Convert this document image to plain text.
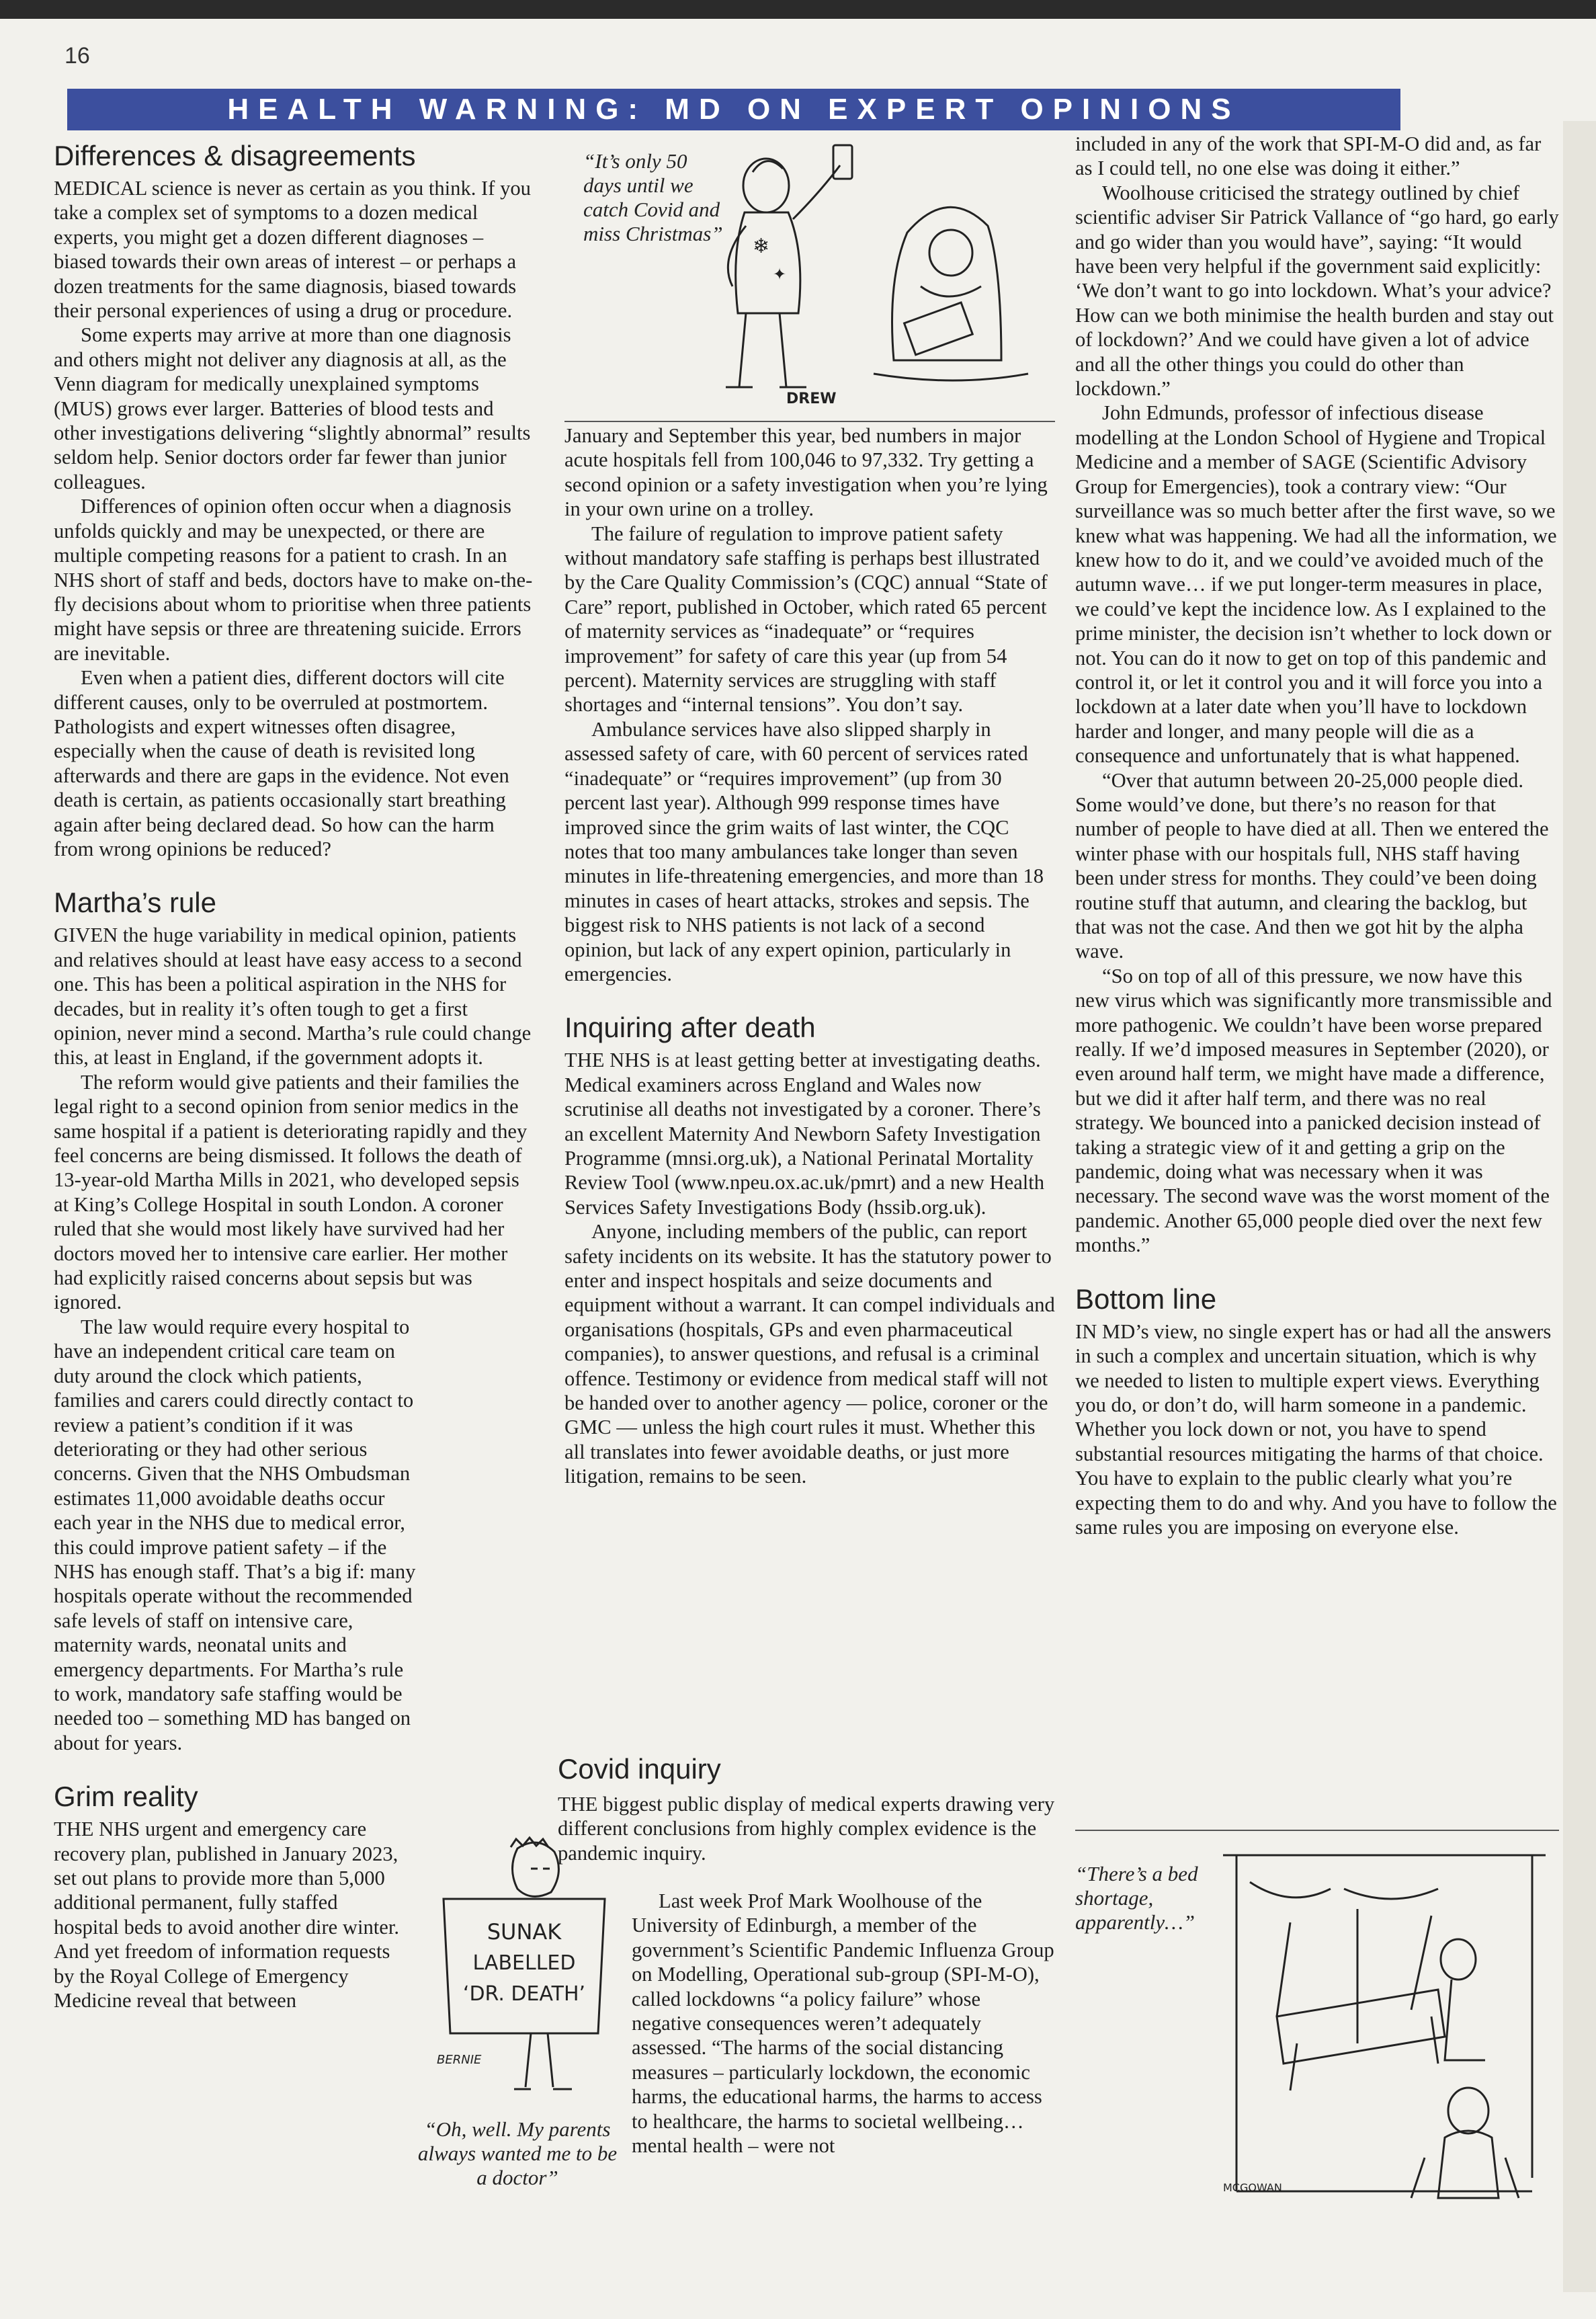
16
HEALTH WARNING: MD ON EXPERT OPINIONS
Differences & disagreements

MEDICAL science is never as certain as you think. If you take a complex set of symptoms to a dozen medical experts, you might get a dozen different diagnoses – biased towards their own areas of interest – or perhaps a dozen treatments for the same diagnosis, biased towards their personal experiences of using a drug or procedure.

Some experts may arrive at more than one diagnosis and others might not deliver any diagnosis at all, as the Venn diagram for medically unexplained symptoms (MUS) grows ever larger. Batteries of blood tests and other investigations delivering “slightly abnormal” results seldom help. Senior doctors order far fewer than junior colleagues.

Differences of opinion often occur when a diagnosis unfolds quickly and may be unexpected, or there are multiple competing reasons for a patient to crash. In an NHS short of staff and beds, doctors have to make on-the-fly decisions about whom to prioritise when three patients might have sepsis or three are threatening suicide. Errors are inevitable.

Even when a patient dies, different doctors will cite different causes, only to be overruled at postmortem. Pathologists and expert witnesses often disagree, especially when the cause of death is revisited long afterwards and there are gaps in the evidence. Not even death is certain, as patients occasionally start breathing again after being declared dead. So how can the harm from wrong opinions be reduced?

Martha’s rule

GIVEN the huge variability in medical opinion, patients and relatives should at least have easy access to a second one. This has been a political aspiration in the NHS for decades, but in reality it’s often tough to get a first opinion, never mind a second. Martha’s rule could change this, at least in England, if the government adopts it.

The reform would give patients and their families the legal right to a second opinion from senior medics in the same hospital if a patient is deteriorating rapidly and they feel concerns are being dismissed. It follows the death of 13-year-old Martha Mills in 2021, who developed sepsis at King’s College Hospital in south London. A coroner ruled that she would most likely have survived had her doctors moved her to intensive care earlier. Her mother had explicitly raised concerns about sepsis but was ignored.

The law would require every hospital to have an independent critical care team on duty around the clock which patients, families and carers could directly contact to review a patient’s condition if it was deteriorating or they had other serious concerns. Given that the NHS Ombudsman estimates 11,000 avoidable deaths occur each year in the NHS due to medical error, this could improve patient safety – if the NHS has enough staff. That’s a big if: many hospitals operate without the recommended safe levels of staff on intensive care, maternity wards, neonatal units and emergency departments. For Martha’s rule to work, mandatory safe staffing would be needed too – something MD has banged on about for years.

Grim reality

THE NHS urgent and emergency care recovery plan, published in January 2023, set out plans to provide more than 5,000 additional permanent, fully staffed hospital beds to avoid another dire winter. And yet freedom of information requests by the Royal College of Emergency Medicine reveal that between

“It’s only 50 days until we catch Covid and miss Christmas”
❄
✦
DREW

January and September this year, bed numbers in major acute hospitals fell from 100,046 to 97,332. Try getting a second opinion or a safety investigation when you’re lying in your own urine on a trolley.

The failure of regulation to improve patient safety without mandatory safe staffing is perhaps best illustrated by the Care Quality Commission’s (CQC) annual “State of Care” report, published in October, which rated 65 percent of maternity services as “inadequate” or “requires improvement” for safety of care this year (up from 54 percent). Maternity services are struggling with staff shortages and “internal tensions”. You don’t say.

Ambulance services have also slipped sharply in assessed safety of care, with 60 percent of services rated “inadequate” or “requires improvement” (up from 30 percent last year). Although 999 response times have improved since the grim waits of last winter, the CQC notes that too many ambulances take longer than seven minutes in life-threatening emergencies, and more than 18 minutes in cases of heart attacks, strokes and sepsis. The biggest risk to NHS patients is not lack of a second opinion, but lack of any expert opinion, particularly in emergencies.

Inquiring after death

THE NHS is at least getting better at investigating deaths. Medical examiners across England and Wales now scrutinise all deaths not investigated by a coroner. There’s an excellent Maternity And Newborn Safety Investigation Programme (mnsi.org.uk), a National Perinatal Mortality Review Tool (www.npeu.ox.ac.uk/pmrt) and a new Health Services Safety Investigations Body (hssib.org.uk).

Anyone, including members of the public, can report safety incidents on its website. It has the statutory power to enter and inspect hospitals and seize documents and equipment without a warrant. It can compel individuals and organisations (hospitals, GPs and even pharmaceutical companies), to answer questions, and refusal is a criminal offence. Testimony or evidence from medical staff will not be handed over to another agency — police, coroner or the GMC — unless the high court rules it must. Whether this all translates into fewer avoidable deaths, or just more litigation, remains to be seen.

Covid inquiry

THE biggest public display of medical experts drawing very different conclusions from highly complex evidence is the pandemic inquiry.

Last week Prof Mark Woolhouse of the University of Edinburgh, a member of the government’s Scientific Pandemic Influenza Group on Modelling, Operational sub-group (SPI-M-O), called lockdowns “a policy failure” whose negative consequences weren’t adequately assessed. “The harms of the social distancing measures – particularly lockdown, the economic harms, the educational harms, the harms to access to healthcare, the harms to societal wellbeing… mental health – were not

SUNAK
LABELLED
‘DR. DEATH’
BERNIE
“Oh, well. My parents always wanted me to be a doctor”

included in any of the work that SPI-M-O did and, as far as I could tell, no one else was doing it either.”

Woolhouse criticised the strategy outlined by chief scientific adviser Sir Patrick Vallance of “go hard, go early and go wider than you would have”, saying: “It would have been very helpful if the government said explicitly: ‘We don’t want to go into lockdown. What’s your advice? How can we both minimise the health burden and stay out of lockdown?’ And we could have given a lot of advice and all the other things you could do other than lockdown.”

John Edmunds, professor of infectious disease modelling at the London School of Hygiene and Tropical Medicine and a member of SAGE (Scientific Advisory Group for Emergencies), took a contrary view: “Our surveillance was so much better after the first wave, so we knew what was happening. We had all the information, we knew how to do it, and we could’ve avoided much of the autumn wave… if we put longer-term measures in place, we could’ve kept the incidence low. As I explained to the prime minister, the decision isn’t whether to lock down or not. You can do it now to get on top of this pandemic and control it, or let it control you and it will force you into a lockdown at a later date when you’ll have to lockdown harder and longer, and many people will die as a consequence and unfortunately that is what happened.

“Over that autumn between 20-25,000 people died. Some would’ve done, but there’s no reason for that number of people to have died at all. Then we entered the winter phase with our hospitals full, NHS staff having been under stress for months. They could’ve been doing routine stuff that autumn, and clearing the backlog, but that was not the case. And then we got hit by the alpha wave.

“So on top of all of this pressure, we now have this new virus which was significantly more transmissible and more pathogenic. We couldn’t have been worse prepared really. If we’d imposed measures in September (2020), or even around half term, we might have made a difference, but we did it after half term, and there was no real strategy. We bounced into a panicked decision instead of taking a strategic view of it and getting a grip on the pandemic, doing what was necessary when it was necessary. The second wave was the worst moment of the pandemic. Another 65,000 people died over the next few months.”

Bottom line

IN MD’s view, no single expert has or had all the answers in such a complex and uncertain situation, which is why we needed to listen to multiple expert views. Everything you do, or don’t do, will harm someone in a pandemic. Whether you lock down or not, you have to spend substantial resources mitigating the harms of that choice. You have to explain to the public clearly what you’re expecting them to do and why. And you have to follow the same rules you are imposing on everyone else.

“There’s a bed shortage, apparently…”
MCGOWAN
